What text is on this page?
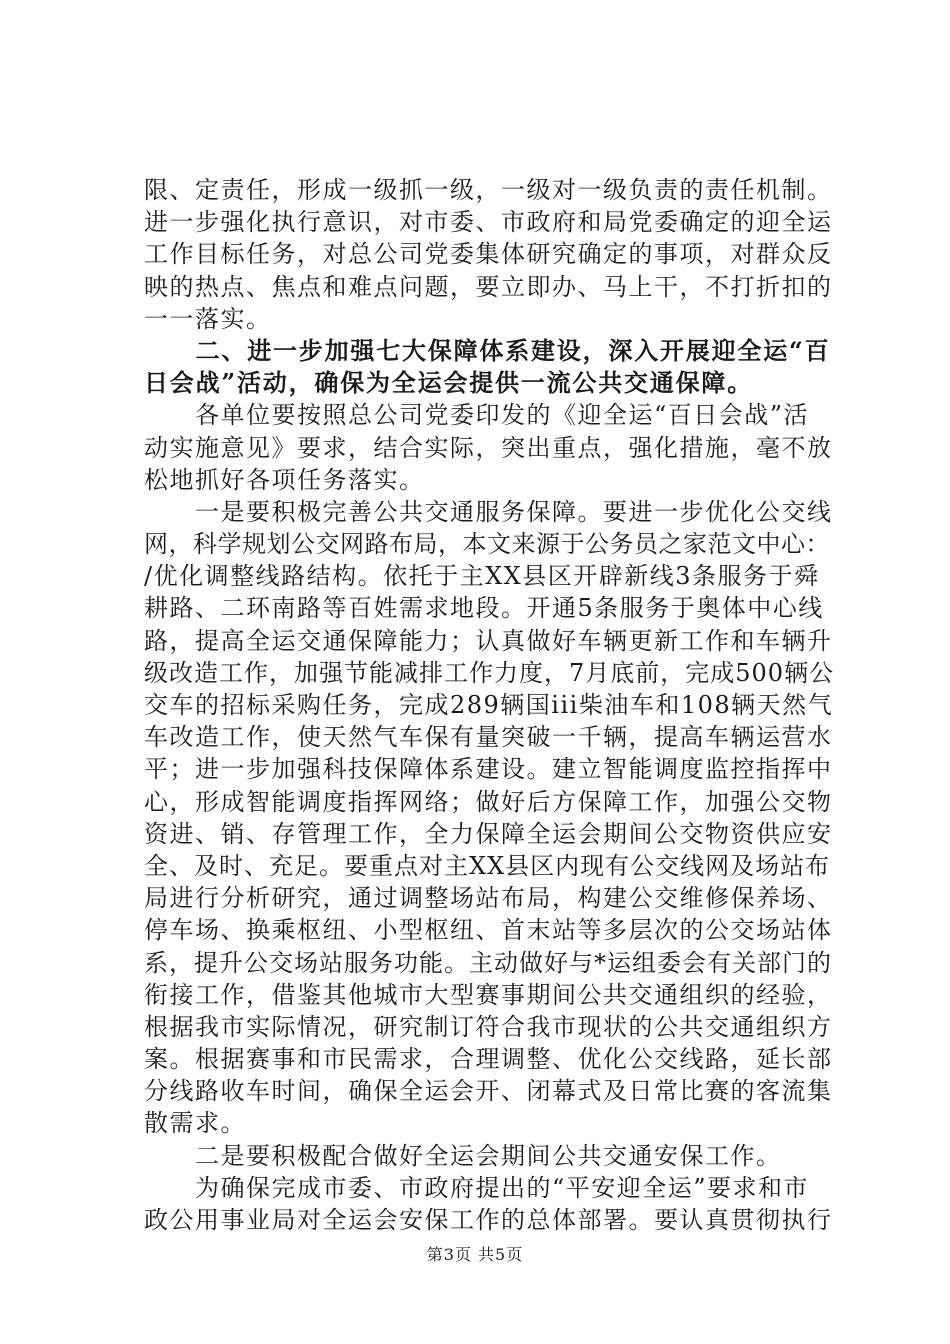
限、定责任，形成一级抓一级，一级对一级负责的责任机制。
进一步强化执行意识，对市委、市政府和局党委确定的迎全运
工作目标任务，对总公司党委集体研究确定的事项，对群众反
映的热点、焦点和难点问题，要立即办、马上干，不打折扣的
一一落实。
　　二、进一步加强七大保障体系建设，深入开展迎全运“百
日会战”活动，确保为全运会提供一流公共交通保障。
　　各单位要按照总公司党委印发的《迎全运“百日会战”活
动实施意见》要求，结合实际，突出重点，强化措施，毫不放
松地抓好各项任务落实。
　　一是要积极完善公共交通服务保障。要进一步优化公交线
网，科学规划公交网路布局，本文来源于公务员之家范文中心：
/优化调整线路结构。依托于主XX县区开辟新线3条服务于舜
耕路、二环南路等百姓需求地段。开通5条服务于奥体中心线
路，提高全运交通保障能力；认真做好车辆更新工作和车辆升
级改造工作，加强节能减排工作力度，7月底前，完成500辆公
交车的招标采购任务，完成289辆国iii柴油车和108辆天然气
车改造工作，使天然气车保有量突破一千辆，提高车辆运营水
平；进一步加强科技保障体系建设。建立智能调度监控指挥中
心，形成智能调度指挥网络；做好后方保障工作，加强公交物
资进、销、存管理工作，全力保障全运会期间公交物资供应安
全、及时、充足。要重点对主XX县区内现有公交线网及场站布
局进行分析研究，通过调整场站布局，构建公交维修保养场、
停车场、换乘枢纽、小型枢纽、首末站等多层次的公交场站体
系，提升公交场站服务功能。主动做好与*运组委会有关部门的
衔接工作，借鉴其他城市大型赛事期间公共交通组织的经验，
根据我市实际情况，研究制订符合我市现状的公共交通组织方
案。根据赛事和市民需求，合理调整、优化公交线路，延长部
分线路收车时间，确保全运会开、闭幕式及日常比赛的客流集
散需求。
　　二是要积极配合做好全运会期间公共交通安保工作。
　　为确保完成市委、市政府提出的“平安迎全运”要求和市
政公用事业局对全运会安保工作的总体部署。要认真贯彻执行
第3页 共5页
